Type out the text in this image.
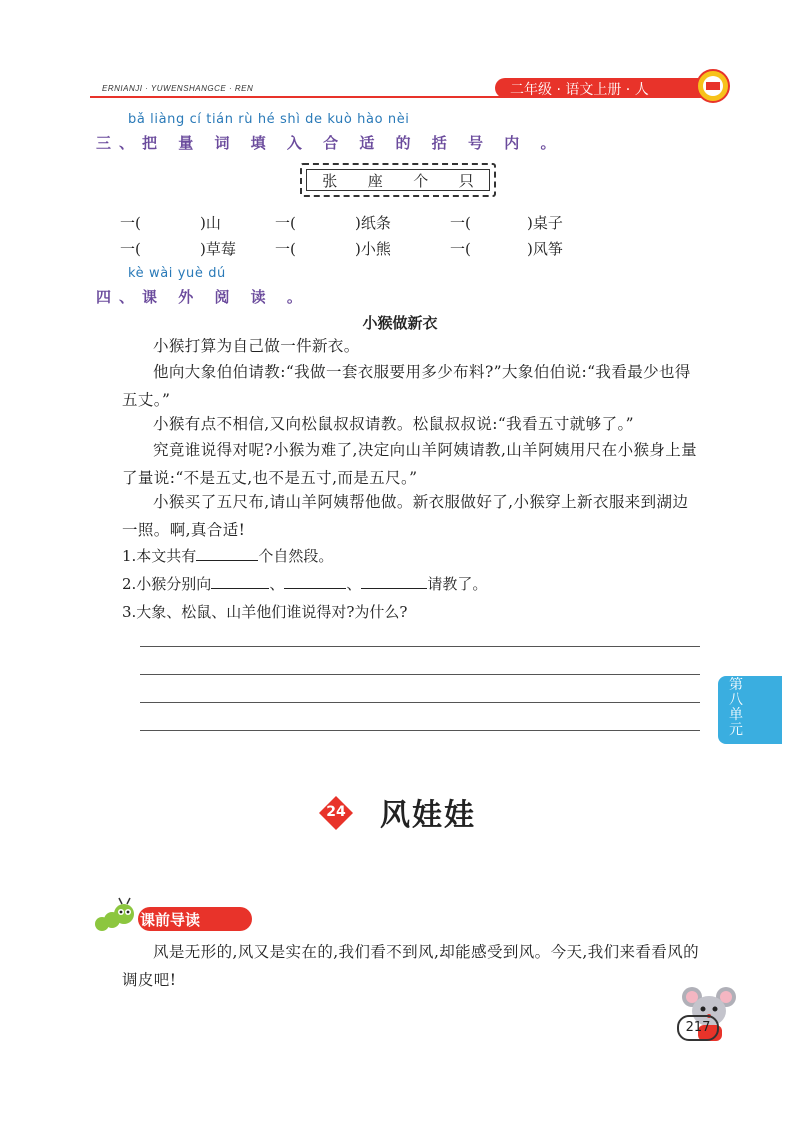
ERNIANJI · YUWENSHANGCE · REN	二年级 · 语文上册 · 人
bǎ liàng cí tián rù hé shì de kuò hào nèi
三、把 量 词 填 入 合 适 的 括 号 内 。
张 座 个 只
一(	)山	一(	)纸条	一(	)桌子
一(	)草莓	一(	)小熊	一(	)风筝
kè wài yuè dú
四、课 外 阅 读 。
小猴做新衣
小猴打算为自己做一件新衣。
他向大象伯伯请教:“我做一套衣服要用多少布料?”大象伯伯说:“我看最少也得五丈。”
小猴有点不相信,又向松鼠叔叔请教。松鼠叔叔说:“我看五寸就够了。”
究竟谁说得对呢?小猴为难了,决定向山羊阿姨请教,山羊阿姨用尺在小猴身上量了量说:“不是五丈,也不是五寸,而是五尺。”
小猴买了五尺布,请山羊阿姨帮他做。新衣服做好了,小猴穿上新衣服来到湖边一照。啊,真合适!
1.本文共有	个自然段。
2.小猴分别向	、	、	请教了。
3.大象、松鼠、山羊他们谁说得对?为什么?
第八单元
24 风娃娃
课前导读
风是无形的,风又是实在的,我们看不到风,却能感受到风。今天,我们来看看风的调皮吧!
217
